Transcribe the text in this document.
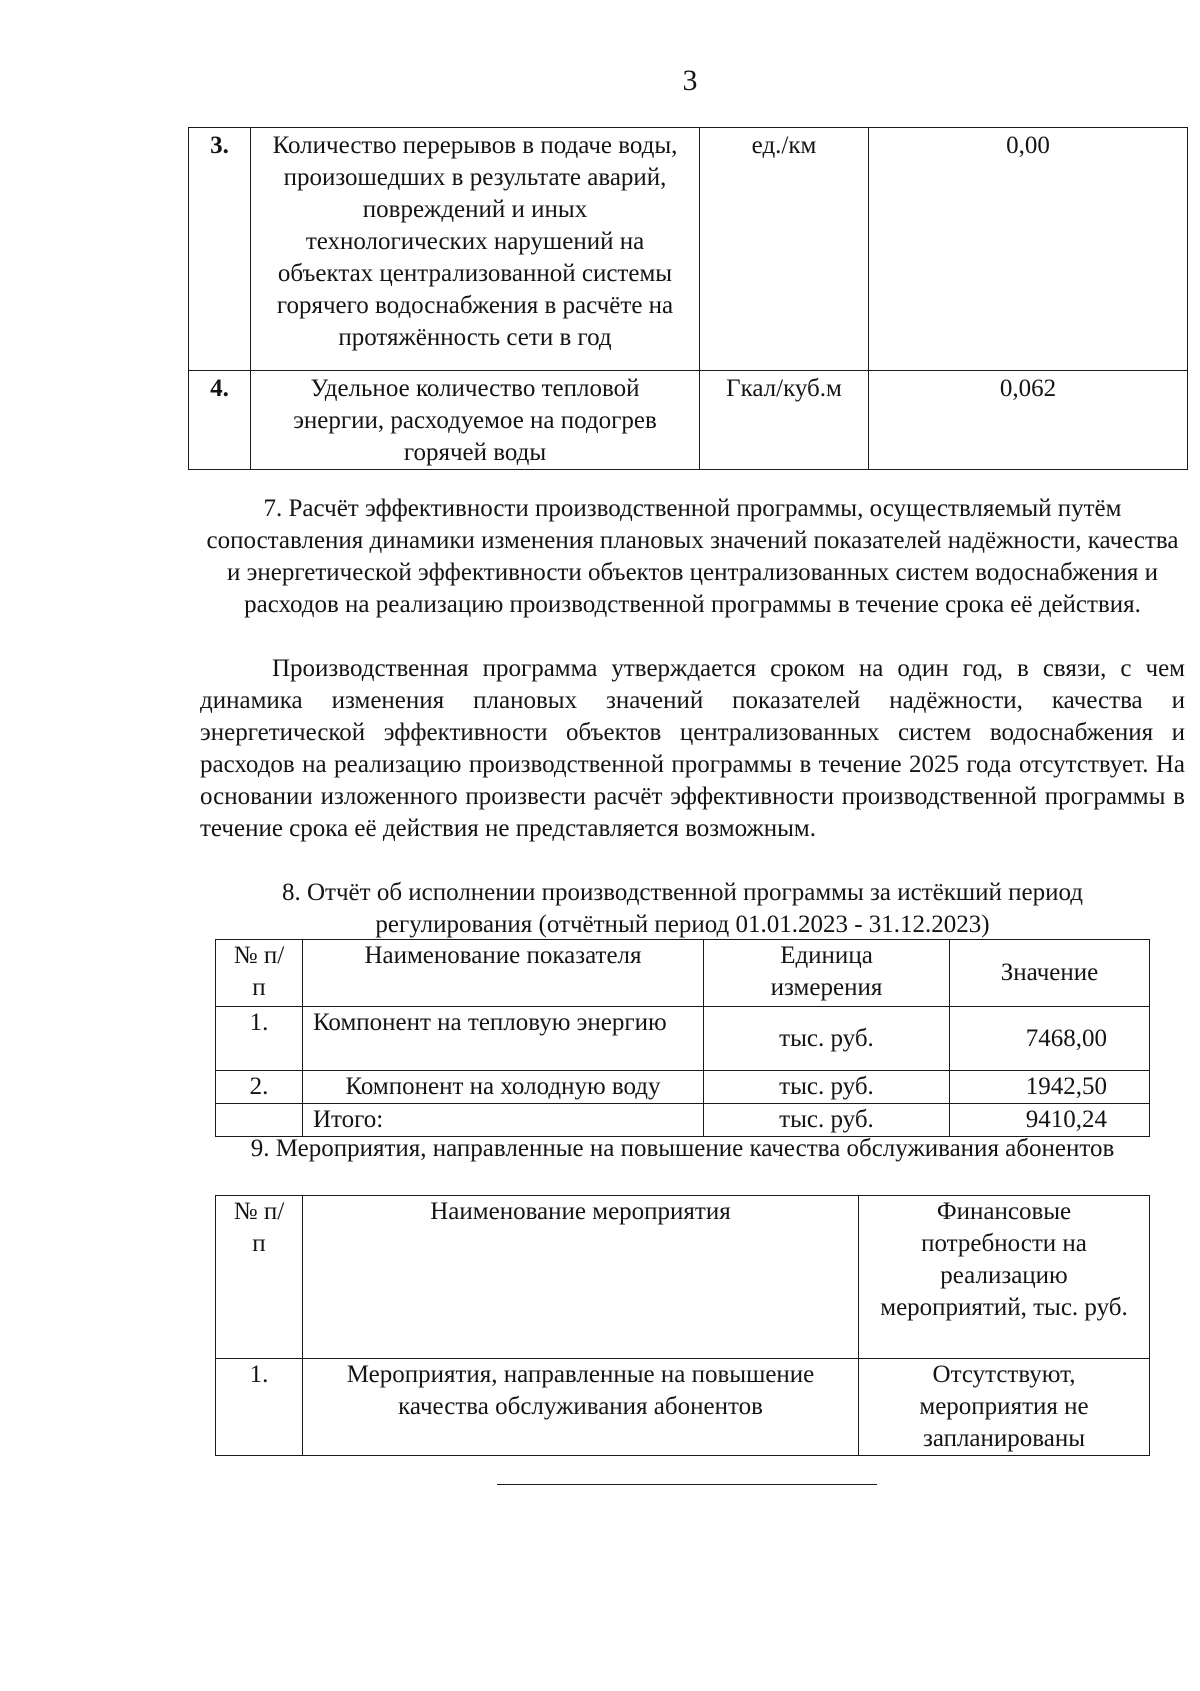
3
3.	Количество перерывов в подаче воды, произошедших в результате аварий, повреждений и иных технологических нарушений на объектах централизованной системы горячего водоснабжения в расчёте на протяжённость сети в год	ед./км	0,00
4.	Удельное количество тепловой энергии, расходуемое на подогрев горячей воды	Гкал/куб.м	0,062
7. Расчёт эффективности производственной программы, осуществляемый путём сопоставления динамики изменения плановых значений показателей надёжности, качества и энергетической эффективности объектов централизованных систем водоснабжения и расходов на реализацию производственной программы в течение срока её действия.
Производственная программа утверждается сроком на один год, в связи, с чем динамика изменения плановых значений показателей надёжности, качества и энергетической эффективности объектов централизованных систем водоснабжения и расходов на реализацию производственной программы в течение 2025 года отсутствует. На основании изложенного произвести расчёт эффективности производственной программы в течение срока её действия не представляется возможным.
8. Отчёт об исполнении производственной программы за истёкший период регулирования (отчётный период 01.01.2023 - 31.12.2023)
№ п/п	Наименование показателя	Единица измерения	Значение
1.	Компонент на тепловую энергию	тыс. руб.	7468,00
2.	Компонент на холодную воду	тыс. руб.	1942,50
	Итого:	тыс. руб.	9410,24
9. Мероприятия, направленные на повышение качества обслуживания абонентов
№ п/п	Наименование мероприятия	Финансовые потребности на реализацию мероприятий, тыс. руб.

1.	Мероприятия, направленные на повышение качества обслуживания абонентов	Отсутствуют, мероприятия не запланированы
